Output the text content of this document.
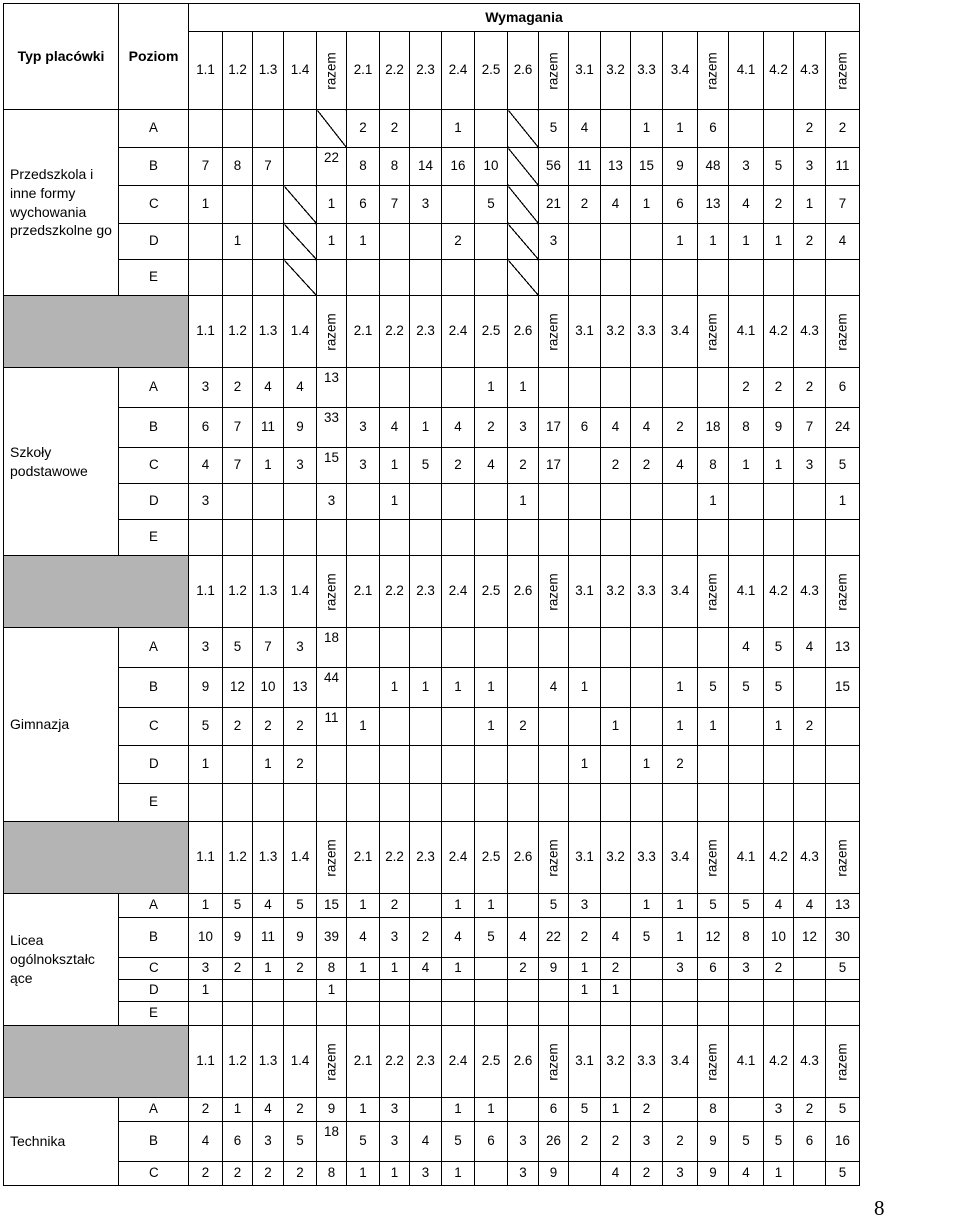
Typ placówki	Poziom	Wymagania																				
		1.1	1.2	1.3	1.4	razem	2.1	2.2	2.3	2.4	2.5	2.6	razem	3.1	3.2	3.3	3.4	razem	4.1	4.2	4.3	razem

Przedszkola i inne formy wychowania przedszkolne go	A						2	2		1			5	4		1	1	6			2	2
	B	7	8	7		22	8	8	14	16	10		56	11	13	15	9	48	3	5	3	11
	C	1				1	6	7	3		5		21	2	4	1	6	13	4	2	1	7
	D		1			1	1			2			3				1	1	1	1	2	4
	E																					
		1.1	1.2	1.3	1.4	razem	2.1	2.2	2.3	2.4	2.5	2.6	razem	3.1	3.2	3.3	3.4	razem	4.1	4.2	4.3	razem

Szkoły podstawowe	A	3	2	4	4	13					1	1							2	2	2	6
	B	6	7	11	9	33	3	4	1	4	2	3	17	6	4	4	2	18	8	9	7	24
	C	4	7	1	3	15	3	1	5	2	4	2	17		2	2	4	8	1	1	3	5
	D	3				3		1				1						1				1
	E																					
		1.1	1.2	1.3	1.4	razem	2.1	2.2	2.3	2.4	2.5	2.6	razem	3.1	3.2	3.3	3.4	razem	4.1	4.2	4.3	razem

Gimnazja	A	3	5	7	3	18													4	5	4	13
	B	9	12	10	13	44		1	1	1	1		4	1			1	5	5	5		15
	C	5	2	2	2	11	1				1	2			1		1	1		1	2	
	D	1		1	2									1		1	2					
	E																					
		1.1	1.2	1.3	1.4	razem	2.1	2.2	2.3	2.4	2.5	2.6	razem	3.1	3.2	3.3	3.4	razem	4.1	4.2	4.3	razem

Licea ogólnokształc ące	A	1	5	4	5	15	1	2		1	1		5	3		1	1	5	5	4	4	13
	B	10	9	11	9	39	4	3	2	4	5	4	22	2	4	5	1	12	8	10	12	30
	C	3	2	1	2	8	1	1	4	1		2	9	1	2		3	6	3	2		5
	D	1				1								1	1							
	E																					
		1.1	1.2	1.3	1.4	razem	2.1	2.2	2.3	2.4	2.5	2.6	razem	3.1	3.2	3.3	3.4	razem	4.1	4.2	4.3	razem

Technika	A	2	1	4	2	9	1	3		1	1		6	5	1	2		8		3	2	5
	B	4	6	3	5	18	5	3	4	5	6	3	26	2	2	3	2	9	5	5	6	16
	C	2	2	2	2	8	1	1	3	1		3	9		4	2	3	9	4	1		5
8
